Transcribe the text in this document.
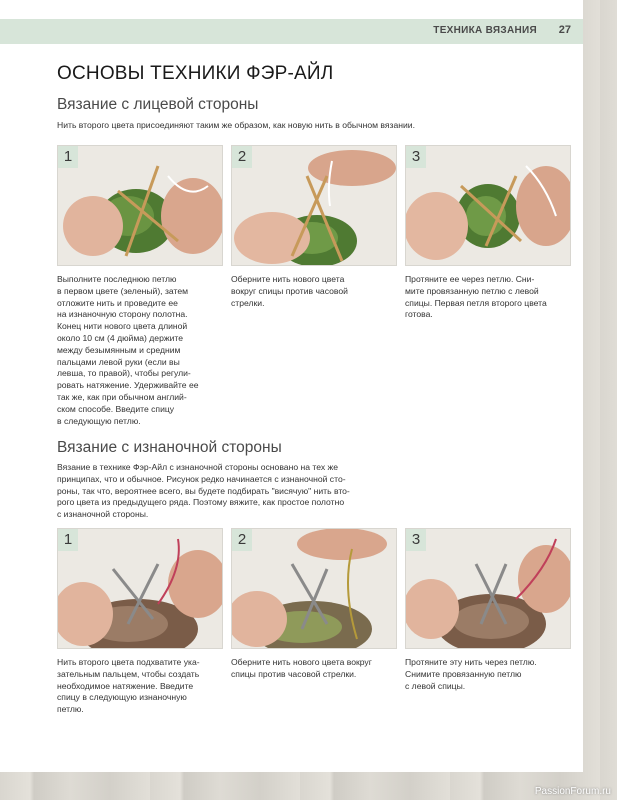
ТЕХНИКА ВЯЗАНИЯ 27
ОСНОВЫ ТЕХНИКИ ФЭР-АЙЛ
Вязание с лицевой стороны

Нить второго цвета присоединяют таким же образом, как новую нить в обычном вязании.

1	2	3
Выполните последнюю петлю
в первом цвете (зеленый), затем
отложите нить и проведите ее
на изнаночную сторону полотна.
Конец нити нового цвета длиной
около 10 см (4 дюйма) держите
между безымянным и средним
пальцами левой руки (если вы
левша, то правой), чтобы регули-
ровать натяжение. Удерживайте ее
так же, как при обычном англий-
ском способе. Введите спицу
в следующую петлю.
Оберните нить нового цвета
вокруг спицы против часовой
стрелки.
Протяните ее через петлю. Сни-
мите провязанную петлю с левой
спицы. Первая петля второго цвета
готова.
Вязание с изнаночной стороны
Вязание в технике Фэр-Айл с изнаночной стороны основано на тех же
принципах, что и обычное. Рисунок редко начинается с изнаночной сто-
роны, так что, вероятнее всего, вы будете подбирать "висячую" нить вто-
рого цвета из предыдущего ряда. Поэтому вяжите, как простое полотно
с изнаночной стороны.
1	2	3
Нить второго цвета подхватите ука-
зательным пальцем, чтобы создать
необходимое натяжение. Введите
спицу в следующую изнаночную
петлю.
Оберните нить нового цвета вокруг
спицы против часовой стрелки.
Протяните эту нить через петлю.
Снимите провязанную петлю
с левой спицы.
PassionForum.ru
